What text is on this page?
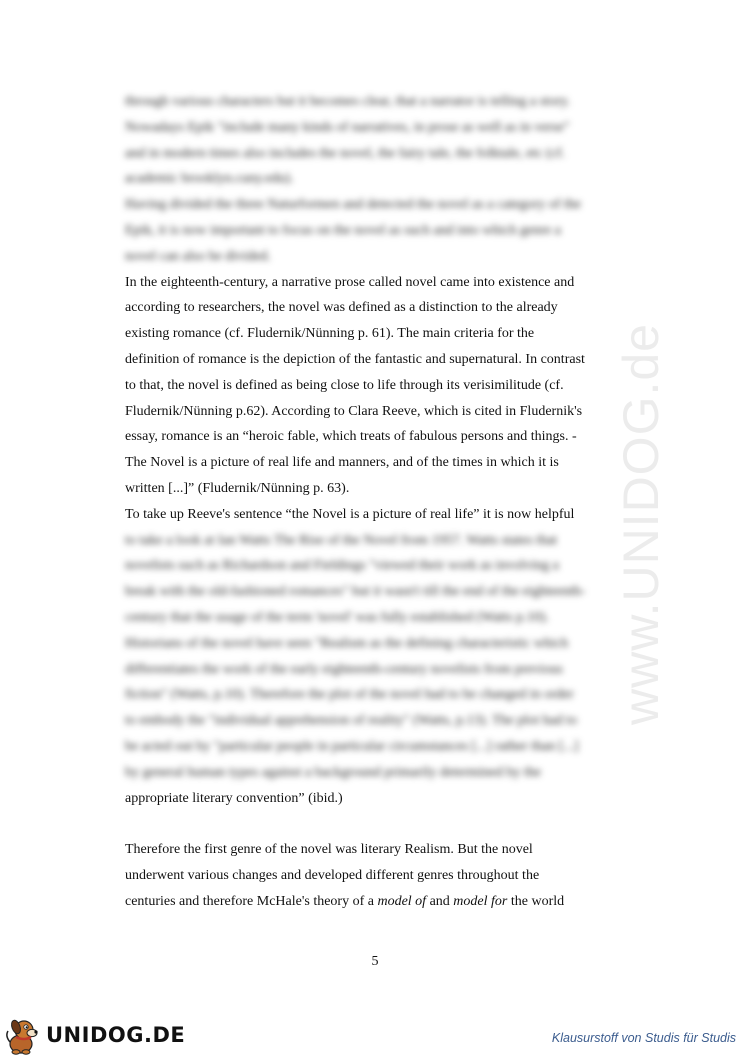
www.UNIDOG.de
through various characters but it becomes clear, that a narrator is telling a story.
Nowadays Epik "include many kinds of narratives, in prose as well as in verse"
and in modern times also includes the novel, the fairy tale, the folktale, etc (cf.
academic brooklyn.cuny.edu).
Having divided the three Naturformen and detected the novel as a category of the
Epik, it is now important to focus on the novel as such and into which genre a
novel can also be divided.
In the eighteenth-century, a narrative prose called novel came into existence and
according to researchers, the novel was defined as a distinction to the already
existing romance (cf. Fludernik/Nünning p. 61). The main criteria for the
definition of romance is the depiction of the fantastic and supernatural. In contrast
to that, the novel is defined as being close to life through its verisimilitude (cf.
Fludernik/Nünning p.62). According to Clara Reeve, which is cited in Fludernik's
essay, romance is an “heroic fable, which treats of fabulous persons and things. -
The Novel is a picture of real life and manners, and of the times in which it is
written [...]” (Fludernik/Nünning p. 63).
To take up Reeve's sentence “the Novel is a picture of real life” it is now helpful
to take a look at Ian Watts The Rise of the Novel from 1957. Watts states that
novelists such as Richardson and Fieldings "viewed their work as involving a
break with the old-fashioned romances" but it wasn't till the end of the eighteenth-
century that the usage of the term 'novel' was fully established (Watts p.10).
Historians of the novel have seen "Realism as the defining characteristic which
differentiates the work of the early eighteenth-century novelists from previous
fiction" (Watts, p.10). Therefore the plot of the novel had to be changed in order
to embody the "individual apprehension of reality" (Watts, p.13). The plot had to
be acted out by "particular people in particular circumstances [...] rather than [...]
by general human types against a background primarily determined by the
appropriate literary convention” (ibid.)
Therefore the first genre of the novel was literary Realism. But the novel
underwent various changes and developed different genres throughout the
centuries and therefore McHale's theory of a model of and model for the world
5
UNIDOG.DE	Klausurstoff von Studis für Studis
